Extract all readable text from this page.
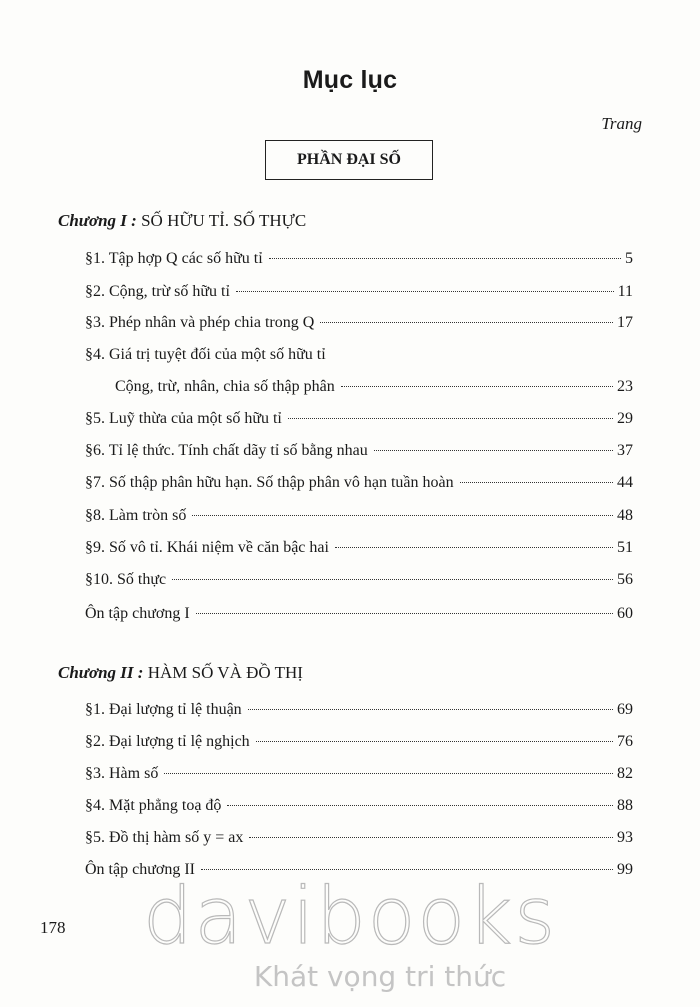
Mục lục
Trang
PHẦN ĐẠI SỐ
Chương I : SỐ HỮU TỈ. SỐ THỰC
§1. Tập hợp Q các số hữu tỉ	5
§2. Cộng, trừ số hữu tỉ	11
§3. Phép nhân và phép chia trong Q	17
§4. Giá trị tuyệt đối của một số hữu tỉ
Cộng, trừ, nhân, chia số thập phân	23
§5. Luỹ thừa của một số hữu tỉ	29
§6. Tỉ lệ thức. Tính chất dãy tỉ số bằng nhau	37
§7. Số thập phân hữu hạn. Số thập phân vô hạn tuần hoàn	44
§8. Làm tròn số	48
§9. Số vô tỉ. Khái niệm về căn bậc hai	51
§10. Số thực	56
Ôn tập chương I	60
Chương II : HÀM SỐ VÀ ĐỒ THỊ
§1. Đại lượng tỉ lệ thuận	69
§2. Đại lượng tỉ lệ nghịch	76
§3. Hàm số	82
§4. Mặt phẳng toạ độ	88
§5. Đồ thị hàm số y = ax	93
Ôn tập chương II	99
davibooks
Khát vọng tri thức
178
